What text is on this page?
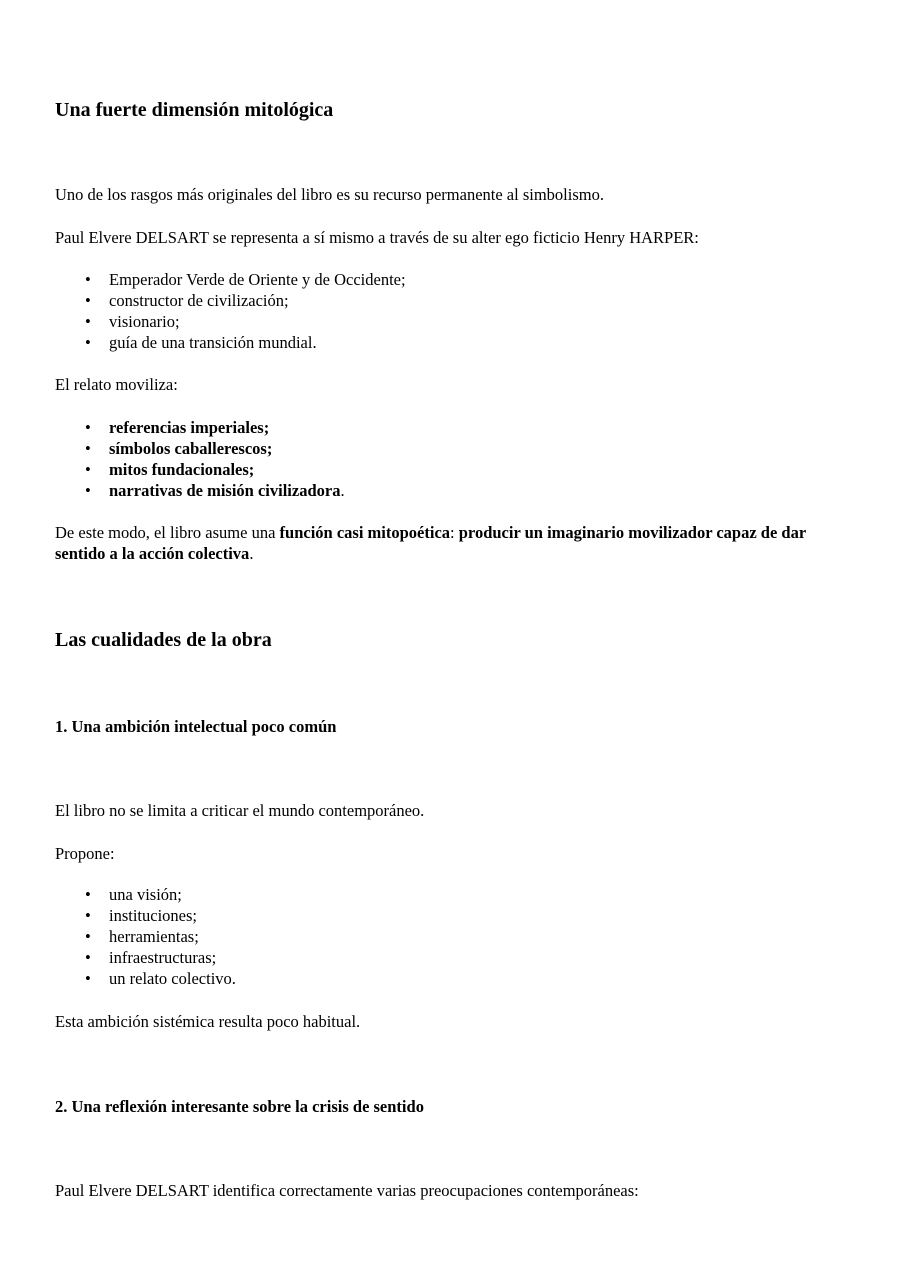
Una fuerte dimensión mitológica

Uno de los rasgos más originales del libro es su recurso permanente al simbolismo.

Paul Elvere DELSART se representa a sí mismo a través de su alter ego ficticio Henry HARPER:

• Emperador Verde de Oriente y de Occidente;
• constructor de civilización;
• visionario;
• guía de una transición mundial.

El relato moviliza:

• referencias imperiales;
• símbolos caballerescos;
• mitos fundacionales;
• narrativas de misión civilizadora.

De este modo, el libro asume una función casi mitopoética: producir un imaginario movilizador capaz de dar sentido a la acción colectiva.

Las cualidades de la obra
1. Una ambición intelectual poco común

El libro no se limita a criticar el mundo contemporáneo.

Propone:

• una visión;
• instituciones;
• herramientas;
• infraestructuras;
• un relato colectivo.

Esta ambición sistémica resulta poco habitual.

2. Una reflexión interesante sobre la crisis de sentido

Paul Elvere DELSART identifica correctamente varias preocupaciones contemporáneas:
